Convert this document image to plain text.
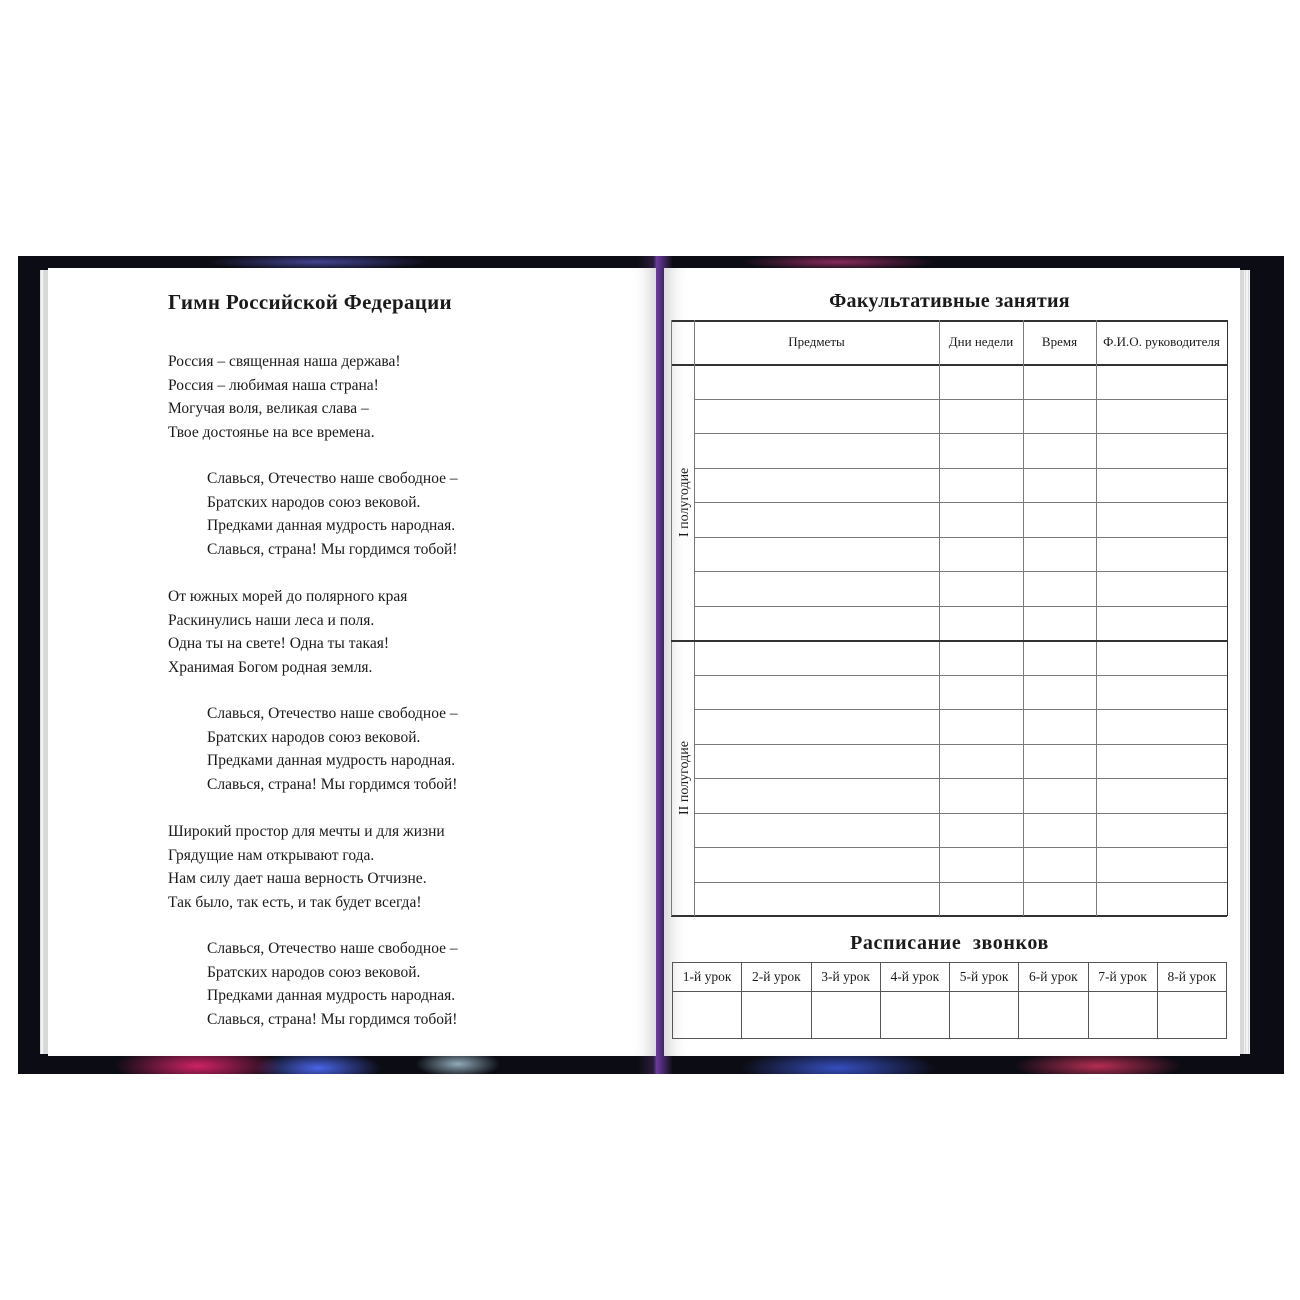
Гимн Российской Федерации

Россия – священная наша держава!
Россия – любимая наша страна!
Могучая воля, великая слава –
Твое достоянье на все времена.

Славься, Отечество наше свободное –
Братских народов союз вековой.
Предками данная мудрость народная.
Славься, страна! Мы гордимся тобой!

От южных морей до полярного края
Раскинулись наши леса и поля.
Одна ты на свете! Одна ты такая!
Хранимая Богом родная земля.

Славься, Отечество наше свободное –
Братских народов союз вековой.
Предками данная мудрость народная.
Славься, страна! Мы гордимся тобой!

Широкий простор для мечты и для жизни
Грядущие нам открывают года.
Нам силу дает наша верность Отчизне.
Так было, так есть, и так будет всегда!

Славься, Отечество наше свободное –
Братских народов союз вековой.
Предками данная мудрость народная.
Славься, страна! Мы гордимся тобой!

Факультативные занятия
Предметы	Дни недели	Время	Ф.И.О. руководителя
I полугодие
II полугодие
Расписание звонков
1-й урок	2-й урок	3-й урок	4-й урок	5-й урок	6-й урок	7-й урок	8-й урок
